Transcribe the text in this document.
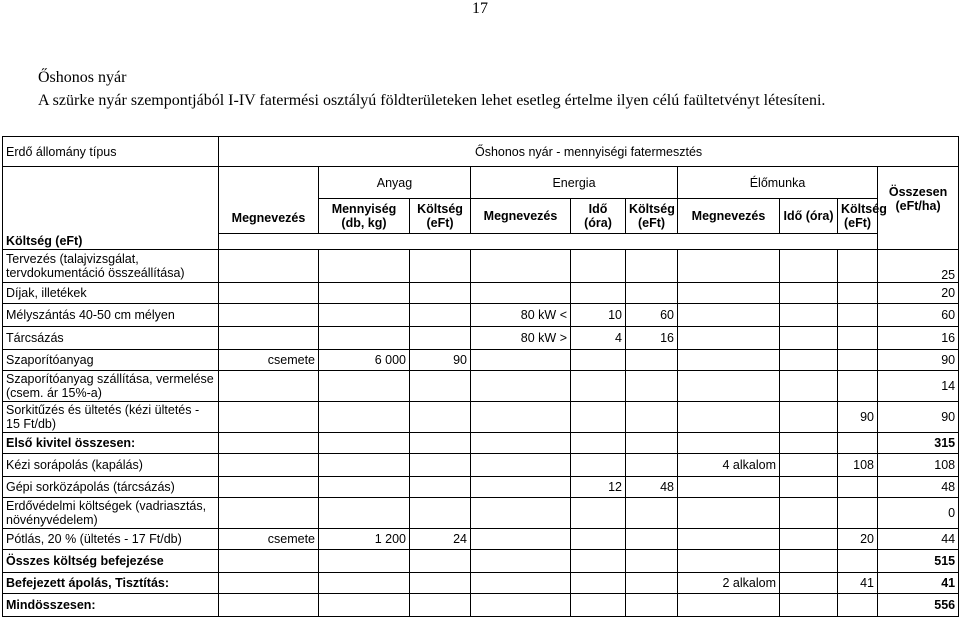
17
Őshonos nyár
A szürke nyár szempontjából I-IV fatermési osztályú földterületeken lehet esetleg értelme ilyen célú faültetvényt létesíteni.
Erdő állomány típus	Őshonos nyár - mennyiségi fatermesztés									
	Megnevezés	Anyag		Energia			Élőmunka			Összesen (eFt/ha)
		Mennyiség (db, kg)	Költség (eFt)	Megnevezés	Idő (óra)	Költség (eFt)	Megnevezés	Idő (óra)	Költség (eFt)	
Költség (eFt)										
Tervezés (talajvizsgálat, tervdokumentáció összeállítása)										25
Díjak, illetékek										20
Mélyszántás 40-50 cm mélyen				80 kW <	10	60				60
Tárcsázás				80 kW >	4	16				16
Szaporítóanyag	csemete	6 000	90							90
Szaporítóanyag szállítása, vermelése (csem. ár 15%-a)										14
Sorkitűzés és ültetés (kézi ültetés - 15 Ft/db)									90	90
Első kivitel összesen:										315
Kézi sorápolás (kapálás)							4 alkalom		108	108
Gépi sorközápolás (tárcsázás)					12	48				48
Erdővédelmi költségek (vadriasztás, növényvédelem)										0
Pótlás, 20 % (ültetés - 17 Ft/db)	csemete	1 200	24						20	44
Összes költség befejezése										515
Befejezett ápolás, Tisztítás:							2 alkalom		41	41
Mindösszesen:										556
